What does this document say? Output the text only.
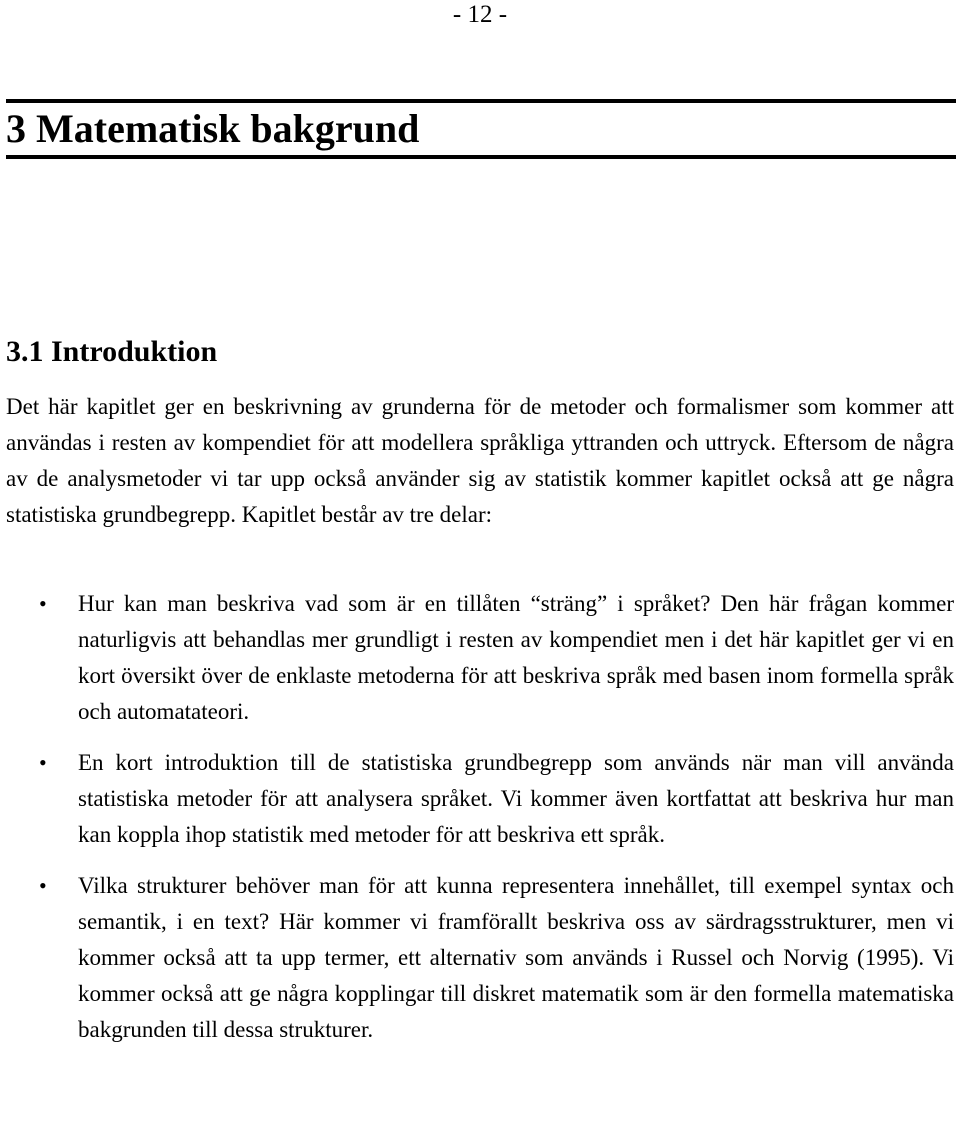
- 12 -
3 Matematisk bakgrund
3.1 Introduktion

Det här kapitlet ger en beskrivning av grunderna för de metoder och formalismer som kommer att användas i resten av kompendiet för att modellera språkliga yttranden och uttryck. Eftersom de några av de analysmetoder vi tar upp också använder sig av statistik kommer kapitlet också att ge några statistiska grundbegrepp. Kapitlet består av tre delar:

• Hur kan man beskriva vad som är en tillåten “sträng” i språket? Den här frågan kommer naturligvis att behandlas mer grundligt i resten av kompendiet men i det här kapitlet ger vi en kort översikt över de enklaste metoderna för att beskriva språk med basen inom formella språk och automatateori.
• En kort introduktion till de statistiska grundbegrepp som används när man vill använda statistiska metoder för att analysera språket. Vi kommer även kortfattat att beskriva hur man kan koppla ihop statistik med metoder för att beskriva ett språk.
• Vilka strukturer behöver man för att kunna representera innehållet, till exempel syntax och semantik, i en text? Här kommer vi framförallt beskriva oss av särdragsstrukturer, men vi kommer också att ta upp termer, ett alternativ som används i Russel och Norvig (1995). Vi kommer också att ge några kopplingar till diskret matematik som är den formella matematiska bakgrunden till dessa strukturer.
